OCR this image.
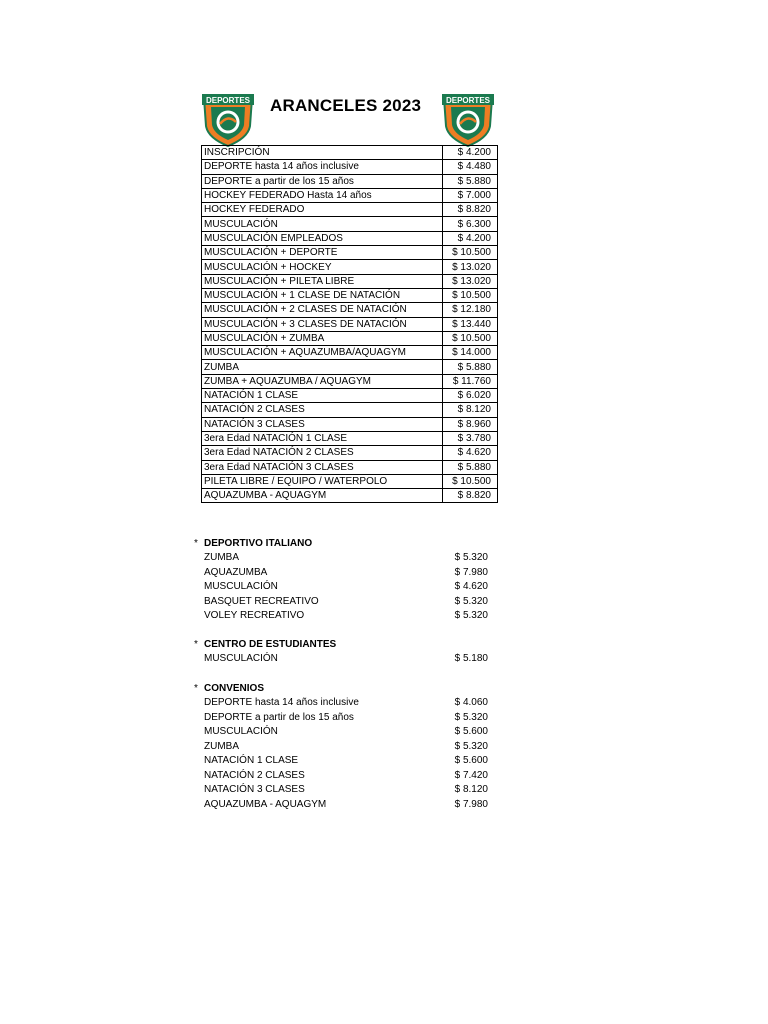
DEPORTES ARANCELES 2023	DEPORTES
INSCRIPCIÓN	$ 4.200
DEPORTE hasta 14 años inclusive	$ 4.480
DEPORTE a partir de los 15 años	$ 5.880
HOCKEY FEDERADO Hasta 14 años	$ 7.000
HOCKEY FEDERADO	$ 8.820
MUSCULACIÓN	$ 6.300
MUSCULACIÓN EMPLEADOS	$ 4.200
MUSCULACIÓN + DEPORTE	$ 10.500
MUSCULACIÓN + HOCKEY	$ 13.020
MUSCULACIÓN + PILETA LIBRE	$ 13.020
MUSCULACIÓN + 1 CLASE DE NATACIÓN	$ 10.500
MUSCULACIÓN + 2 CLASES DE NATACIÓN	$ 12.180
MUSCULACIÓN + 3 CLASES DE NATACIÓN	$ 13.440
MUSCULACIÓN + ZUMBA	$ 10.500
MUSCULACIÓN + AQUAZUMBA/AQUAGYM	$ 14.000
ZUMBA	$ 5.880
ZUMBA + AQUAZUMBA / AQUAGYM	$ 11.760
NATACIÓN 1 CLASE	$ 6.020
NATACIÓN 2 CLASES	$ 8.120
NATACIÓN 3 CLASES	$ 8.960
3era Edad NATACIÓN 1 CLASE	$ 3.780
3era Edad NATACIÓN 2 CLASES	$ 4.620
3era Edad NATACIÓN 3 CLASES	$ 5.880
PILETA LIBRE / EQUIPO / WATERPOLO	$ 10.500
AQUAZUMBA - AQUAGYM	$ 8.820
* DEPORTIVO ITALIANO
ZUMBA	$ 5.320
AQUAZUMBA	$ 7.980
MUSCULACIÓN	$ 4.620
BASQUET RECREATIVO	$ 5.320
VOLEY RECREATIVO	$ 5.320
* CENTRO DE ESTUDIANTES
MUSCULACIÓN	$ 5.180
* CONVENIOS
DEPORTE hasta 14 años inclusive	$ 4.060
DEPORTE a partir de los 15 años	$ 5.320
MUSCULACIÓN	$ 5.600
ZUMBA	$ 5.320
NATACIÓN 1 CLASE	$ 5.600
NATACIÓN 2 CLASES	$ 7.420
NATACIÓN 3 CLASES	$ 8.120
AQUAZUMBA - AQUAGYM	$ 7.980
